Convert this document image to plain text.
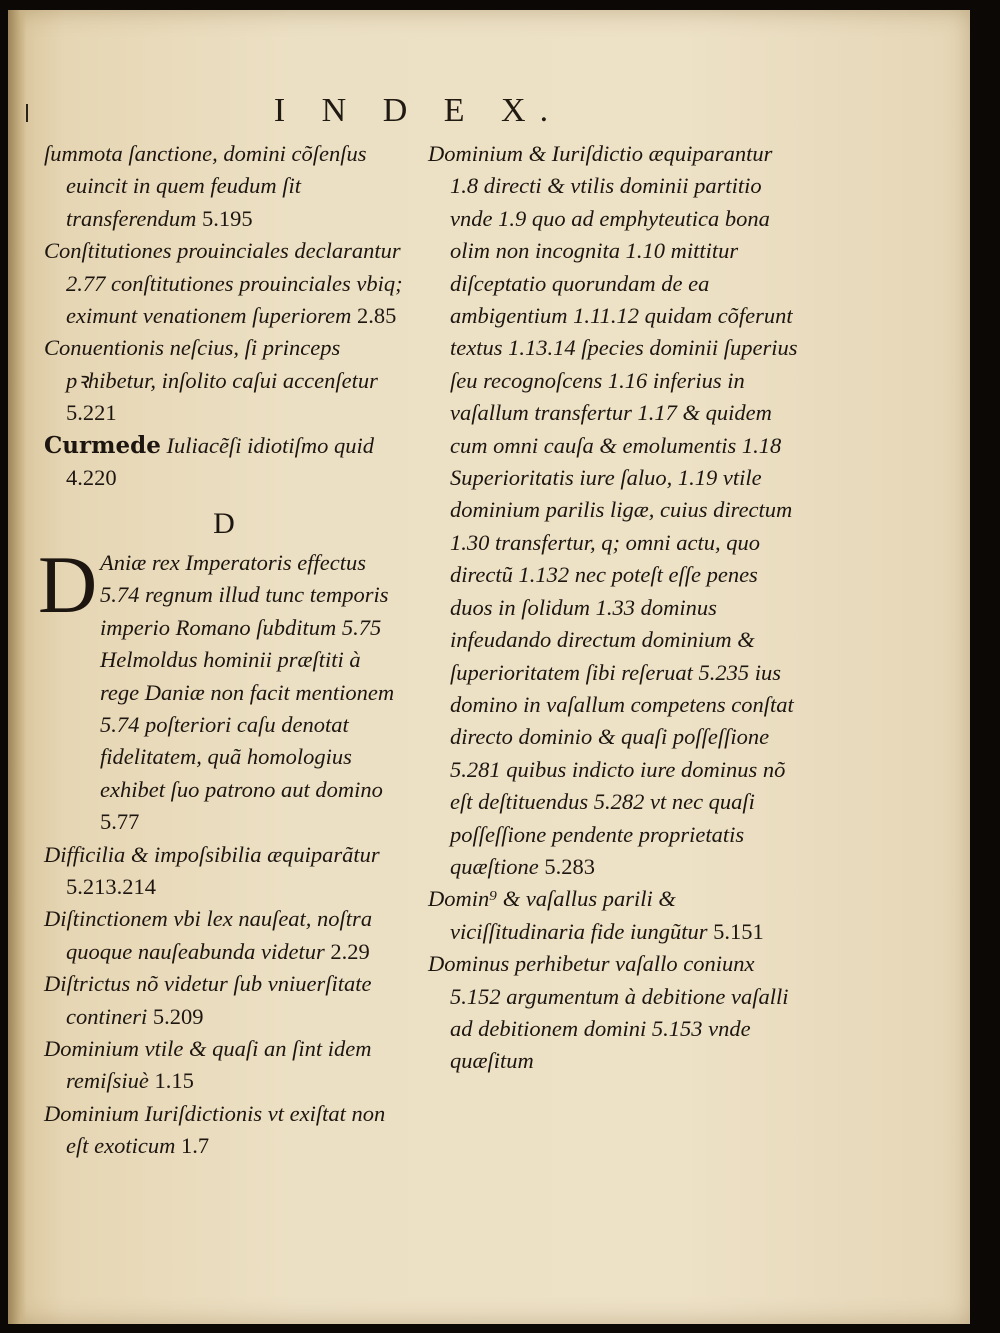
I N D E X.

ſummota ſanctione, domini cõſenſus euincit in quem feudum ſit transferendum 5.195

Conſtitutiones prouinciales declarantur 2.77 conſtitutiones prouinciales vbiq; eximunt venationem ſuperiorem 2.85

Conuentionis neſcius, ſi princeps pꝛhibetur, inſolito caſui accenſetur 5.221

Curmede Iuliacẽſi idiotiſmo quid 4.220

D

D Aniæ rex Imperatoris effectus 5.74 regnum illud tunc temporis imperio Romano ſubditum 5.75 Helmoldus hominii præſtiti à rege Daniæ non facit mentionem 5.74 poſteriori caſu denotat fidelitatem, quã homologius exhibet ſuo patrono aut domino 5.77

Difficilia & impoſsibilia æquiparãtur 5.213.214

Diſtinctionem vbi lex nauſeat, noſtra quoque nauſeabunda videtur 2.29

Diſtrictus nõ videtur ſub vniuerſitate contineri 5.209

Dominium vtile & quaſi an ſint idem remiſsiuè 1.15

Dominium Iuriſdictionis vt exiſtat non eſt exoticum 1.7

Dominium & Iuriſdictio æquiparantur 1.8 directi & vtilis dominii partitio vnde 1.9 quo ad emphyteutica bona olim non incognita 1.10 mittitur diſceptatio quorundam de ea ambigentium 1.11.12 quidam cõferunt textus 1.13.14 ſpecies dominii ſuperius ſeu recognoſcens 1.16 inferius in vaſallum transfertur 1.17 & quidem cum omni cauſa & emolumentis 1.18 Superioritatis iure ſaluo, 1.19 vtile dominium parilis ligæ, cuius directum 1.30 transfertur, q; omni actu, quo directũ 1.132 nec poteſt eſſe penes duos in ſolidum 1.33 dominus infeudando directum dominium & ſuperioritatem ſibi reſeruat 5.235 ius domino in vaſallum competens conſtat directo dominio & quaſi poſſeſſione 5.281 quibus indicto iure dominus nõ eſt deſtituendus 5.282 vt nec quaſi poſſeſſione pendente proprietatis quæſtione 5.283

Domin⁹ & vaſallus parili & viciſſitudinaria fide iungũtur 5.151

Dominus perhibetur vaſallo coniunx 5.152 argumentum à debitione vaſalli ad debitionem domini 5.153 vnde quæſitum
